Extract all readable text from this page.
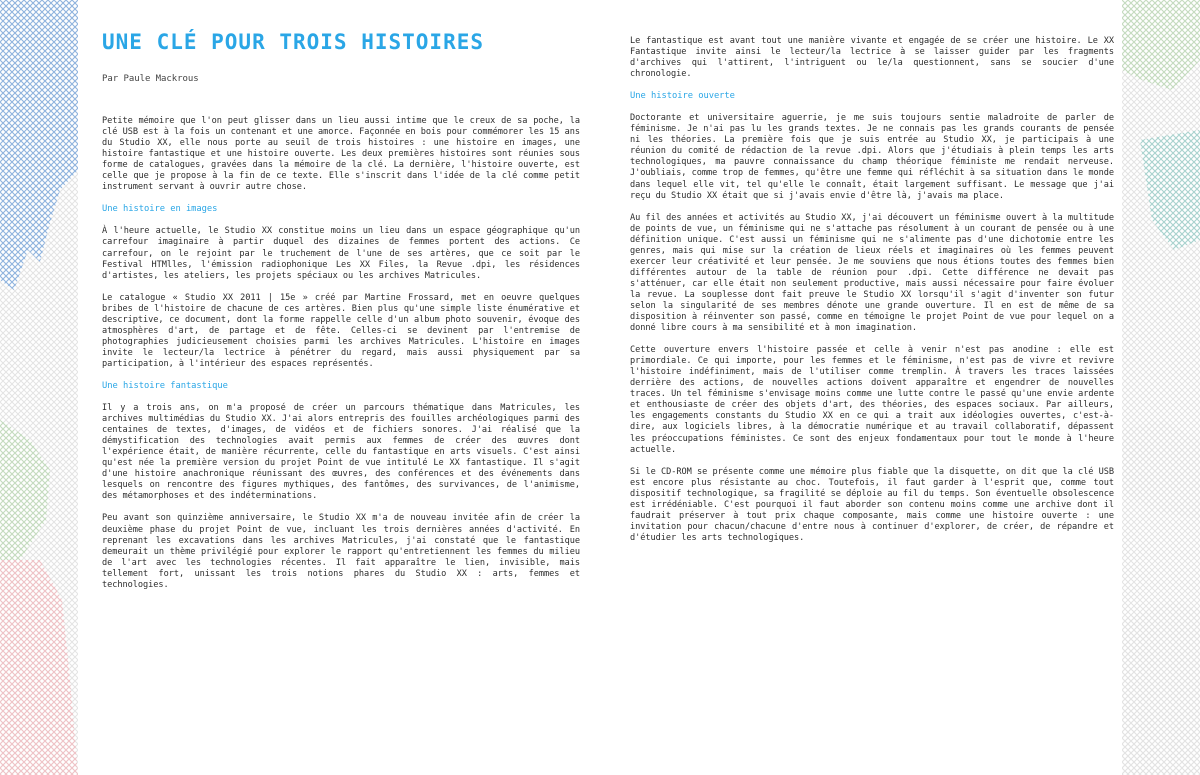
UNE CLÉ POUR TROIS HISTOIRES
Par Paule Mackrous

Petite mémoire que l'on peut glisser dans un lieu aussi intime que le creux de sa poche, la clé USB est à la fois un contenant et une amorce. Façonnée en bois pour commémorer les 15 ans du Studio XX, elle nous porte au seuil de trois histoires : une histoire en images, une histoire fantastique et une histoire ouverte. Les deux premières histoires sont réunies sous forme de catalogues, gravées dans la mémoire de la clé. La dernière, l'histoire ouverte, est celle que je propose à la fin de ce texte. Elle s'inscrit dans l'idée de la clé comme petit instrument servant à ouvrir autre chose.

Une histoire en images

À l'heure actuelle, le Studio XX constitue moins un lieu dans un espace géographique qu'un carrefour imaginaire à partir duquel des dizaines de femmes portent des actions. Ce carrefour, on le rejoint par le truchement de l'une de ses artères, que ce soit par le Festival HTMlles, l'émission radiophonique Les XX Files, la Revue .dpi, les résidences d'artistes, les ateliers, les projets spéciaux ou les archives Matricules.

Le catalogue « Studio XX 2011 | 15e » créé par Martine Frossard, met en oeuvre quelques bribes de l'histoire de chacune de ces artères. Bien plus qu'une simple liste énumérative et descriptive, ce document, dont la forme rappelle celle d'un album photo souvenir, évoque des atmosphères d'art, de partage et de fête. Celles-ci se devinent par l'entremise de photographies judicieusement choisies parmi les archives Matricules. L'histoire en images invite le lecteur/la lectrice à pénétrer du regard, mais aussi physiquement par sa participation, à l'intérieur des espaces représentés.

Une histoire fantastique

Il y a trois ans, on m'a proposé de créer un parcours thématique dans Matricules, les archives multimédias du Studio XX. J'ai alors entrepris des fouilles archéologiques parmi des centaines de textes, d'images, de vidéos et de fichiers sonores. J'ai réalisé que la démystification des technologies avait permis aux femmes de créer des œuvres dont l'expérience était, de manière récurrente, celle du fantastique en arts visuels. C'est ainsi qu'est née la première version du projet Point de vue intitulé Le XX fantastique. Il s'agit d'une histoire anachronique réunissant des œuvres, des conférences et des événements dans lesquels on rencontre des figures mythiques, des fantômes, des survivances, de l'animisme, des métamorphoses et des indéterminations.

Peu avant son quinzième anniversaire, le Studio XX m'a de nouveau invitée afin de créer la deuxième phase du projet Point de vue, incluant les trois dernières années d'activité. En reprenant les excavations dans les archives Matricules, j'ai constaté que le fantastique demeurait un thème privilégié pour explorer le rapport qu'entretiennent les femmes du milieu de l'art avec les technologies récentes. Il fait apparaître le lien, invisible, mais tellement fort, unissant les trois notions phares du Studio XX : arts, femmes et technologies.

Le fantastique est avant tout une manière vivante et engagée de se créer une histoire. Le XX Fantastique invite ainsi le lecteur/la lectrice à se laisser guider par les fragments d'archives qui l'attirent, l'intriguent ou le/la questionnent, sans se soucier d'une chronologie.

Une histoire ouverte

Doctorante et universitaire aguerrie, je me suis toujours sentie maladroite de parler de féminisme. Je n'ai pas lu les grands textes. Je ne connais pas les grands courants de pensée ni les théories. La première fois que je suis entrée au Studio XX, je participais à une réunion du comité de rédaction de la revue .dpi. Alors que j'étudiais à plein temps les arts technologiques, ma pauvre connaissance du champ théorique féministe me rendait nerveuse. J'oubliais, comme trop de femmes, qu'être une femme qui réfléchit à sa situation dans le monde dans lequel elle vit, tel qu'elle le connaît, était largement suffisant. Le message que j'ai reçu du Studio XX était que si j'avais envie d'être là, j'avais ma place.

Au fil des années et activités au Studio XX, j'ai découvert un féminisme ouvert à la multitude de points de vue, un féminisme qui ne s'attache pas résolument à un courant de pensée ou à une définition unique. C'est aussi un féminisme qui ne s'alimente pas d'une dichotomie entre les genres, mais qui mise sur la création de lieux réels et imaginaires où les femmes peuvent exercer leur créativité et leur pensée. Je me souviens que nous étions toutes des femmes bien différentes autour de la table de réunion pour .dpi. Cette différence ne devait pas s'atténuer, car elle était non seulement productive, mais aussi nécessaire pour faire évoluer la revue. La souplesse dont fait preuve le Studio XX lorsqu'il s'agit d'inventer son futur selon la singularité de ses membres dénote une grande ouverture. Il en est de même de sa disposition à réinventer son passé, comme en témoigne le projet Point de vue pour lequel on a donné libre cours à ma sensibilité et à mon imagination.

Cette ouverture envers l'histoire passée et celle à venir n'est pas anodine : elle est primordiale. Ce qui importe, pour les femmes et le féminisme, n'est pas de vivre et revivre l'histoire indéfiniment, mais de l'utiliser comme tremplin. À travers les traces laissées derrière des actions, de nouvelles actions doivent apparaître et engendrer de nouvelles traces. Un tel féminisme s'envisage moins comme une lutte contre le passé qu'une envie ardente et enthousiaste de créer des objets d'art, des théories, des espaces sociaux. Par ailleurs, les engagements constants du Studio XX en ce qui a trait aux idéologies ouvertes, c'est-à-dire, aux logiciels libres, à la démocratie numérique et au travail collaboratif, dépassent les préoccupations féministes. Ce sont des enjeux fondamentaux pour tout le monde à l'heure actuelle.

Si le CD-ROM se présente comme une mémoire plus fiable que la disquette, on dit que la clé USB est encore plus résistante au choc. Toutefois, il faut garder à l'esprit que, comme tout dispositif technologique, sa fragilité se déploie au fil du temps. Son éventuelle obsolescence est irrédéniable. C'est pourquoi il faut aborder son contenu moins comme une archive dont il faudrait préserver à tout prix chaque composante, mais comme une histoire ouverte : une invitation pour chacun/chacune d'entre nous à continuer d'explorer, de créer, de répandre et d'étudier les arts technologiques.
